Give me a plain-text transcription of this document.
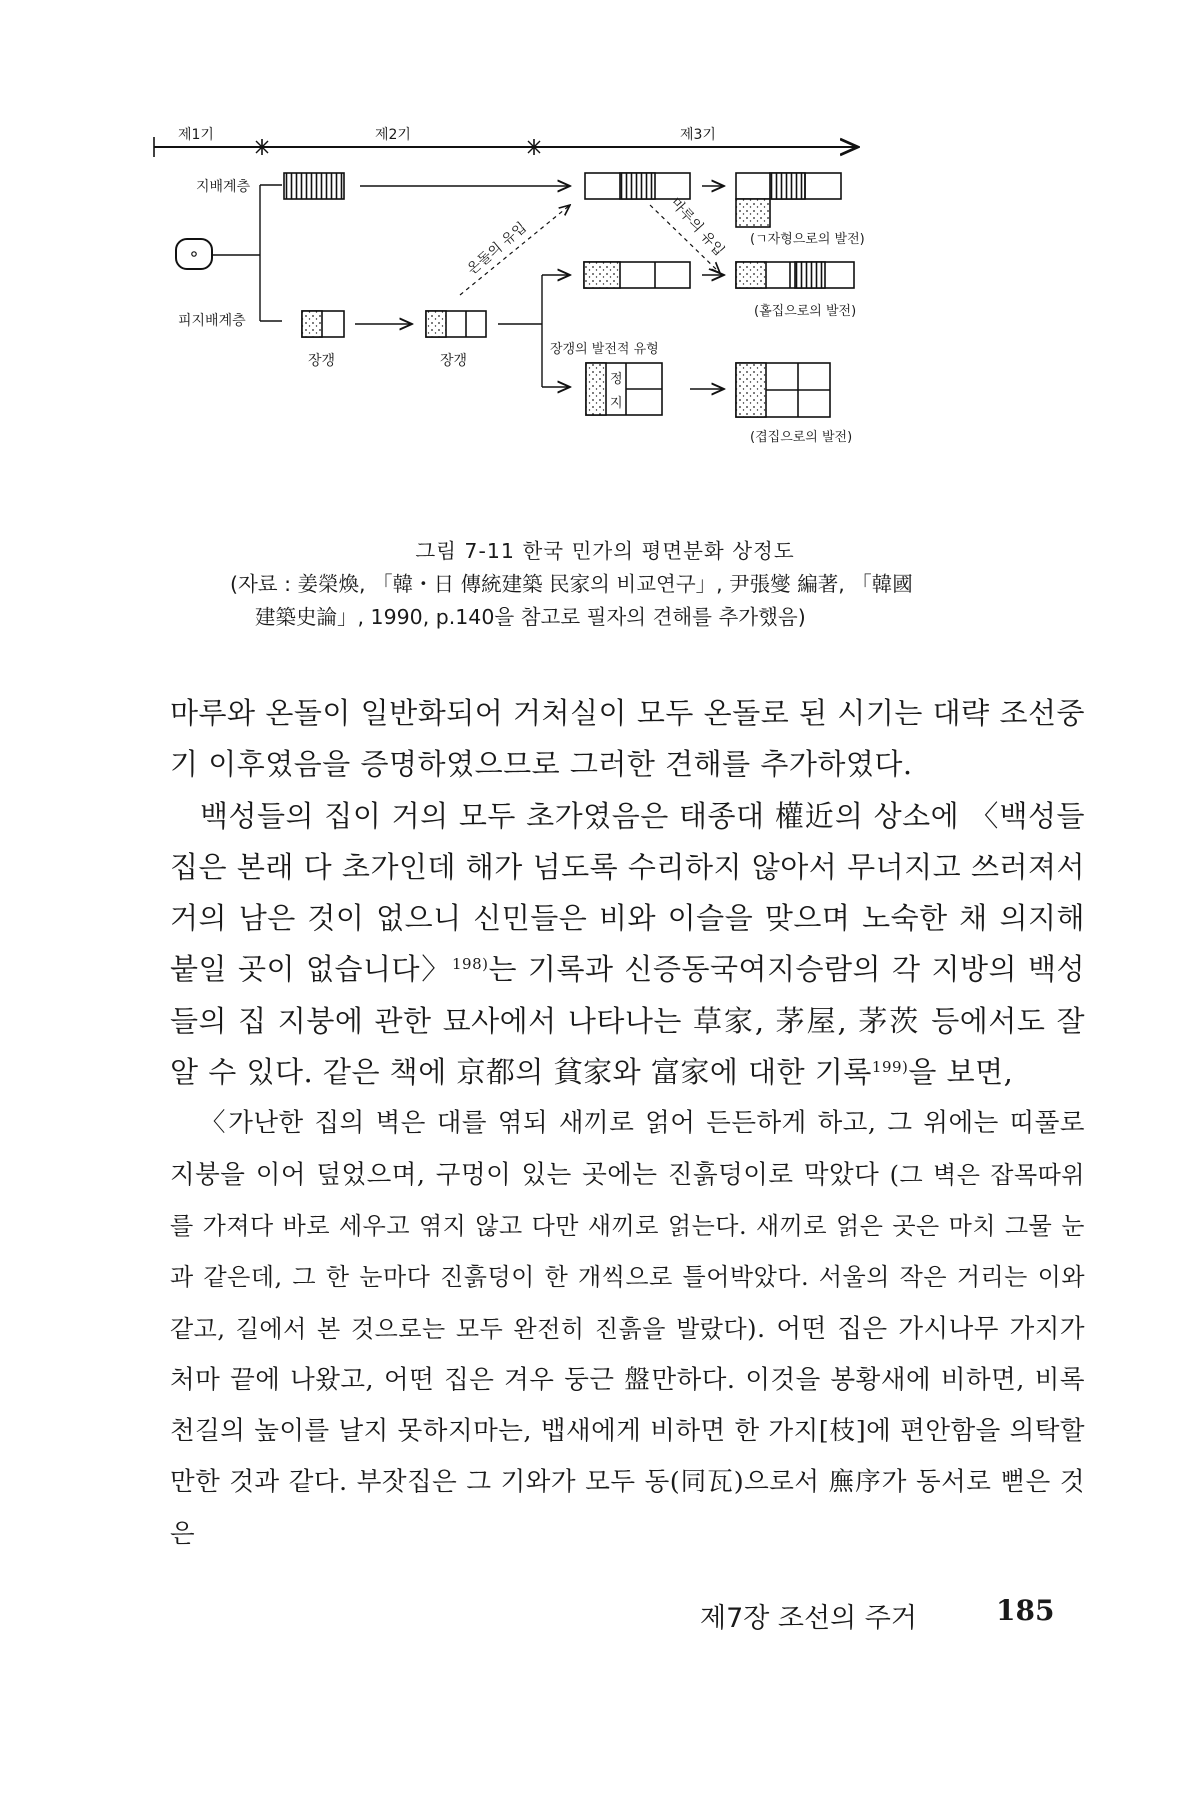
제1기	제2기	제3기
지배계층
피지배계층
(ㄱ자형으로의 발전)
온돌의 유입	마루의 유입
장갱	장갱
장갱의 발전적 유형
(홑집으로의 발전)
정
지
(겹집으로의 발전)
그림 7-11 한국 민가의 평면분화 상정도
(자료 : 姜榮煥, 「韓・日 傳統建築 民家의 비교연구」, 尹張燮 編著, 「韓國
建築史論」, 1990, p.140을 참고로 필자의 견해를 추가했음)

마루와 온돌이 일반화되어 거처실이 모두 온돌로 된 시기는 대략 조선중기 이후였음을 증명하였으므로 그러한 견해를 추가하였다.

백성들의 집이 거의 모두 초가였음은 태종대 權近의 상소에 〈백성들 집은 본래 다 초가인데 해가 넘도록 수리하지 않아서 무너지고 쓰러져서 거의 남은 것이 없으니 신민들은 비와 이슬을 맞으며 노숙한 채 의지해 붙일 곳이 없습니다〉$^{198)}$는 기록과 신증동국여지승람의 각 지방의 백성들의 집 지붕에 관한 묘사에서 나타나는 草家, 茅屋, 茅茨 등에서도 잘 알 수 있다. 같은 책에 京都의 貧家와 富家에 대한 기록$^{199)}$을 보면,

〈가난한 집의 벽은 대를 엮되 새끼로 얽어 든든하게 하고, 그 위에는 띠풀로 지붕을 이어 덮었으며, 구멍이 있는 곳에는 진흙덩이로 막았다 (그 벽은 잡목따위를 가져다 바로 세우고 엮지 않고 다만 새끼로 얽는다. 새끼로 얽은 곳은 마치 그물 눈과 같은데, 그 한 눈마다 진흙덩이 한 개씩으로 틀어박았다. 서울의 작은 거리는 이와 같고, 길에서 본 것으로는 모두 완전히 진흙을 발랐다). 어떤 집은 가시나무 가지가 처마 끝에 나왔고, 어떤 집은 겨우 둥근 盤만하다. 이것을 봉황새에 비하면, 비록 천길의 높이를 날지 못하지마는, 뱁새에게 비하면 한 가지[枝]에 편안함을 의탁할 만한 것과 같다. 부잣집은 그 기와가 모두 동(同瓦)으로서 廡序가 동서로 뻗은 것은

제7장 조선의 주거	185
